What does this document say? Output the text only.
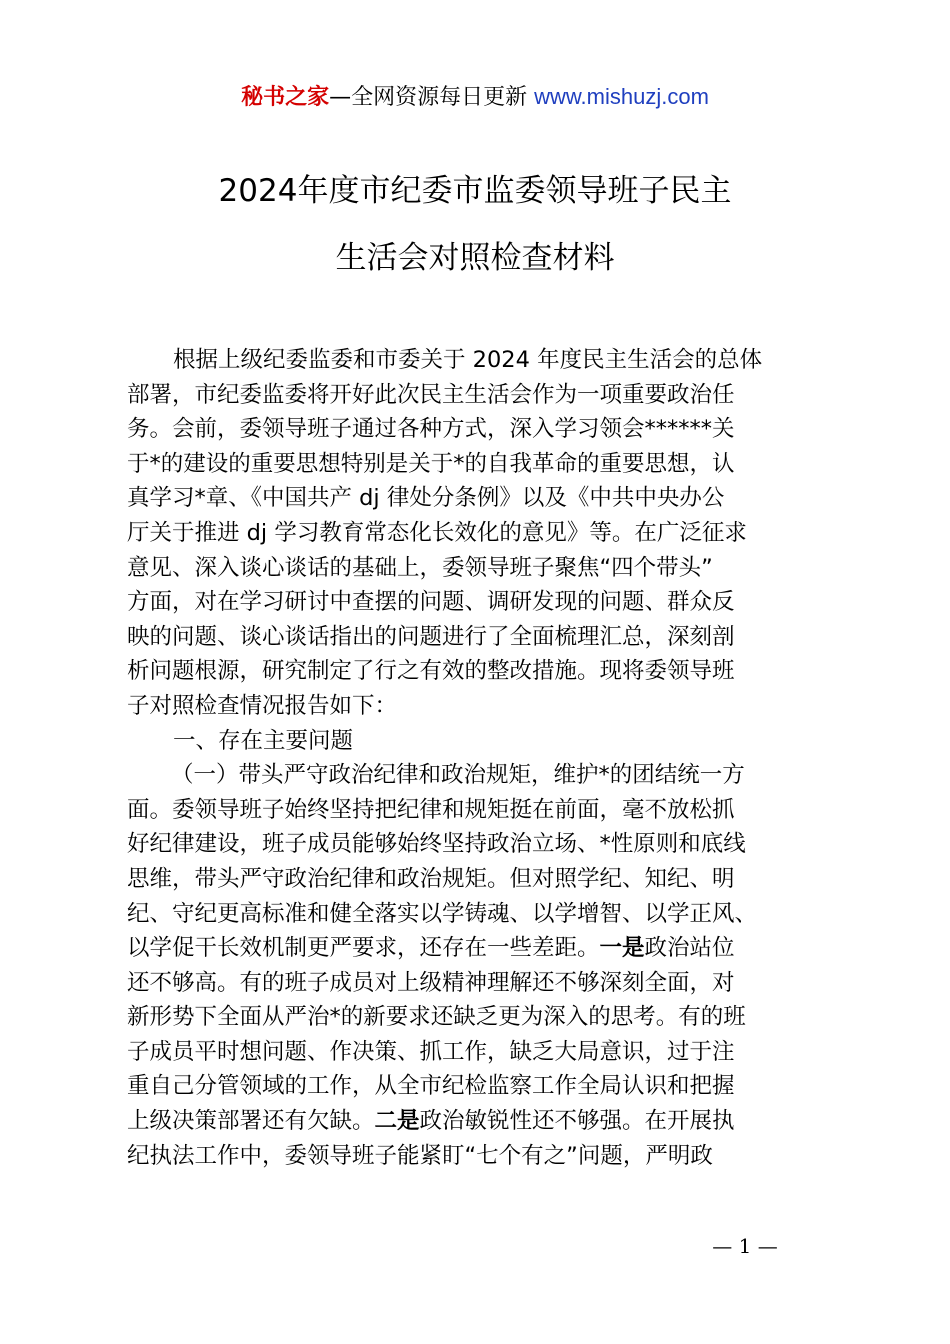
秘书之家—全网资源每日更新 www.mishuzj.com
2024年度市纪委市监委领导班子民主
生活会对照检查材料
根据上级纪委监委和市委关于 2024 年度民主生活会的总体
部署，市纪委监委将开好此次民主生活会作为一项重要政治任
务。会前，委领导班子通过各种方式，深入学习领会******关
于*的建设的重要思想特别是关于*的自我革命的重要思想，认
真学习*章、《中国共产 dj 律处分条例》以及《中共中央办公
厅关于推进 dj 学习教育常态化长效化的意见》等。在广泛征求
意见、深入谈心谈话的基础上，委领导班子聚焦“四个带头”
方面，对在学习研讨中查摆的问题、调研发现的问题、群众反
映的问题、谈心谈话指出的问题进行了全面梳理汇总，深刻剖
析问题根源，研究制定了行之有效的整改措施。现将委领导班
子对照检查情况报告如下：
一、存在主要问题
（一）带头严守政治纪律和政治规矩，维护*的团结统一方
面。委领导班子始终坚持把纪律和规矩挺在前面，毫不放松抓
好纪律建设，班子成员能够始终坚持政治立场、*性原则和底线
思维，带头严守政治纪律和政治规矩。但对照学纪、知纪、明
纪、守纪更高标准和健全落实以学铸魂、以学增智、以学正风、
以学促干长效机制更严要求，还存在一些差距。一是政治站位
还不够高。有的班子成员对上级精神理解还不够深刻全面，对
新形势下全面从严治*的新要求还缺乏更为深入的思考。有的班
子成员平时想问题、作决策、抓工作，缺乏大局意识，过于注
重自己分管领域的工作，从全市纪检监察工作全局认识和把握
上级决策部署还有欠缺。二是政治敏锐性还不够强。在开展执
纪执法工作中，委领导班子能紧盯“七个有之”问题，严明政
— 1 —
